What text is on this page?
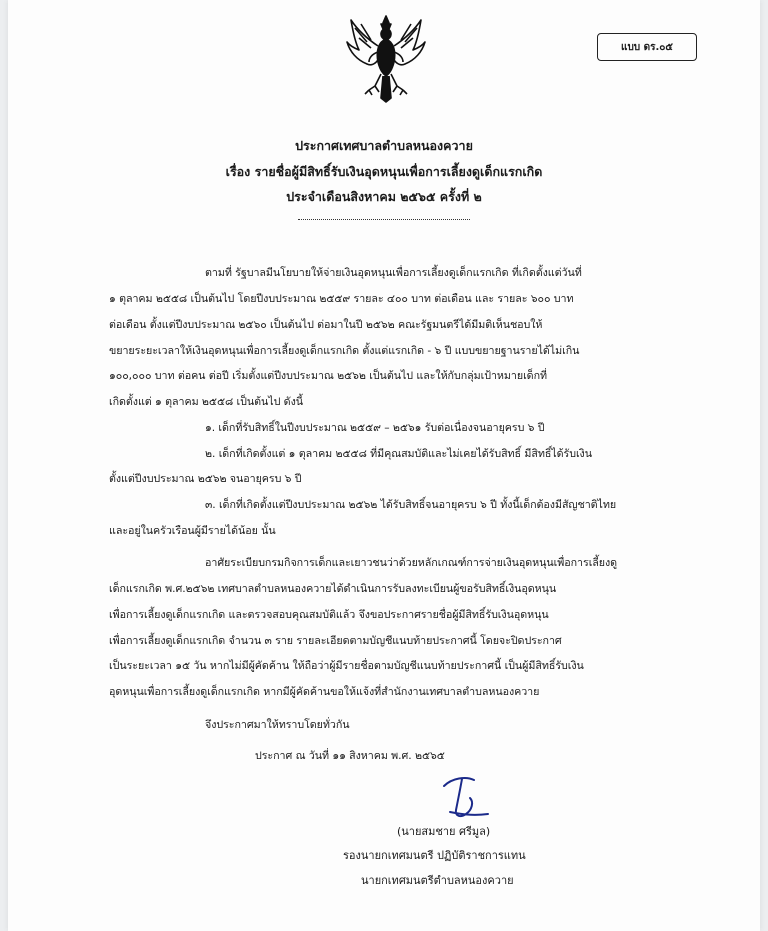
แบบ ดร.๐๕
ประกาศเทศบาลตำบลหนองควาย
เรื่อง รายชื่อผู้มีสิทธิ์รับเงินอุดหนุนเพื่อการเลี้ยงดูเด็กแรกเกิด
ประจำเดือนสิงหาคม ๒๕๖๕ ครั้งที่ ๒
ตามที่ รัฐบาลมีนโยบายให้จ่ายเงินอุดหนุนเพื่อการเลี้ยงดูเด็กแรกเกิด ที่เกิดตั้งแต่วันที่
๑ ตุลาคม ๒๕๕๘ เป็นต้นไป โดยปีงบประมาณ ๒๕๕๙ รายละ ๔๐๐ บาท ต่อเดือน และ รายละ ๖๐๐ บาท
ต่อเดือน ตั้งแต่ปีงบประมาณ ๒๕๖๐ เป็นต้นไป ต่อมาในปี ๒๕๖๒ คณะรัฐมนตรีได้มีมติเห็นชอบให้
ขยายระยะเวลาให้เงินอุดหนุนเพื่อการเลี้ยงดูเด็กแรกเกิด ตั้งแต่แรกเกิด - ๖ ปี แบบขยายฐานรายได้ไม่เกิน
๑๐๐,๐๐๐ บาท ต่อคน ต่อปี เริ่มตั้งแต่ปีงบประมาณ ๒๕๖๒ เป็นต้นไป และให้กับกลุ่มเป้าหมายเด็กที่
เกิดตั้งแต่ ๑ ตุลาคม ๒๕๕๘ เป็นต้นไป ดังนี้
๑. เด็กที่รับสิทธิ์ในปีงบประมาณ ๒๕๕๙ – ๒๕๖๑ รับต่อเนื่องจนอายุครบ ๖ ปี
๒. เด็กที่เกิดตั้งแต่ ๑ ตุลาคม ๒๕๕๘ ที่มีคุณสมบัติและไม่เคยได้รับสิทธิ์ มีสิทธิ์ได้รับเงิน
ตั้งแต่ปีงบประมาณ ๒๕๖๒ จนอายุครบ ๖ ปี
๓. เด็กที่เกิดตั้งแต่ปีงบประมาณ ๒๕๖๒ ได้รับสิทธิ์จนอายุครบ ๖ ปี ทั้งนี้เด็กต้องมีสัญชาติไทย
และอยู่ในครัวเรือนผู้มีรายได้น้อย นั้น
อาศัยระเบียบกรมกิจการเด็กและเยาวชนว่าด้วยหลักเกณฑ์การจ่ายเงินอุดหนุนเพื่อการเลี้ยงดู
เด็กแรกเกิด พ.ศ.๒๕๖๒ เทศบาลตำบลหนองควายได้ดำเนินการรับลงทะเบียนผู้ขอรับสิทธิ์เงินอุดหนุน
เพื่อการเลี้ยงดูเด็กแรกเกิด และตรวจสอบคุณสมบัติแล้ว จึงขอประกาศรายชื่อผู้มีสิทธิ์รับเงินอุดหนุน
เพื่อการเลี้ยงดูเด็กแรกเกิด จำนวน ๓ ราย รายละเอียดตามบัญชีแนบท้ายประกาศนี้ โดยจะปิดประกาศ
เป็นระยะเวลา ๑๕ วัน หากไม่มีผู้คัดค้าน ให้ถือว่าผู้มีรายชื่อตามบัญชีแนบท้ายประกาศนี้ เป็นผู้มีสิทธิ์รับเงิน
อุดหนุนเพื่อการเลี้ยงดูเด็กแรกเกิด หากมีผู้คัดค้านขอให้แจ้งที่สำนักงานเทศบาลตำบลหนองควาย
จึงประกาศมาให้ทราบโดยทั่วกัน
ประกาศ ณ วันที่ ๑๑ สิงหาคม พ.ศ. ๒๕๖๕
(นายสมชาย ศรีมูล)
รองนายกเทศมนตรี ปฏิบัติราชการแทน
นายกเทศมนตรีตำบลหนองควาย
